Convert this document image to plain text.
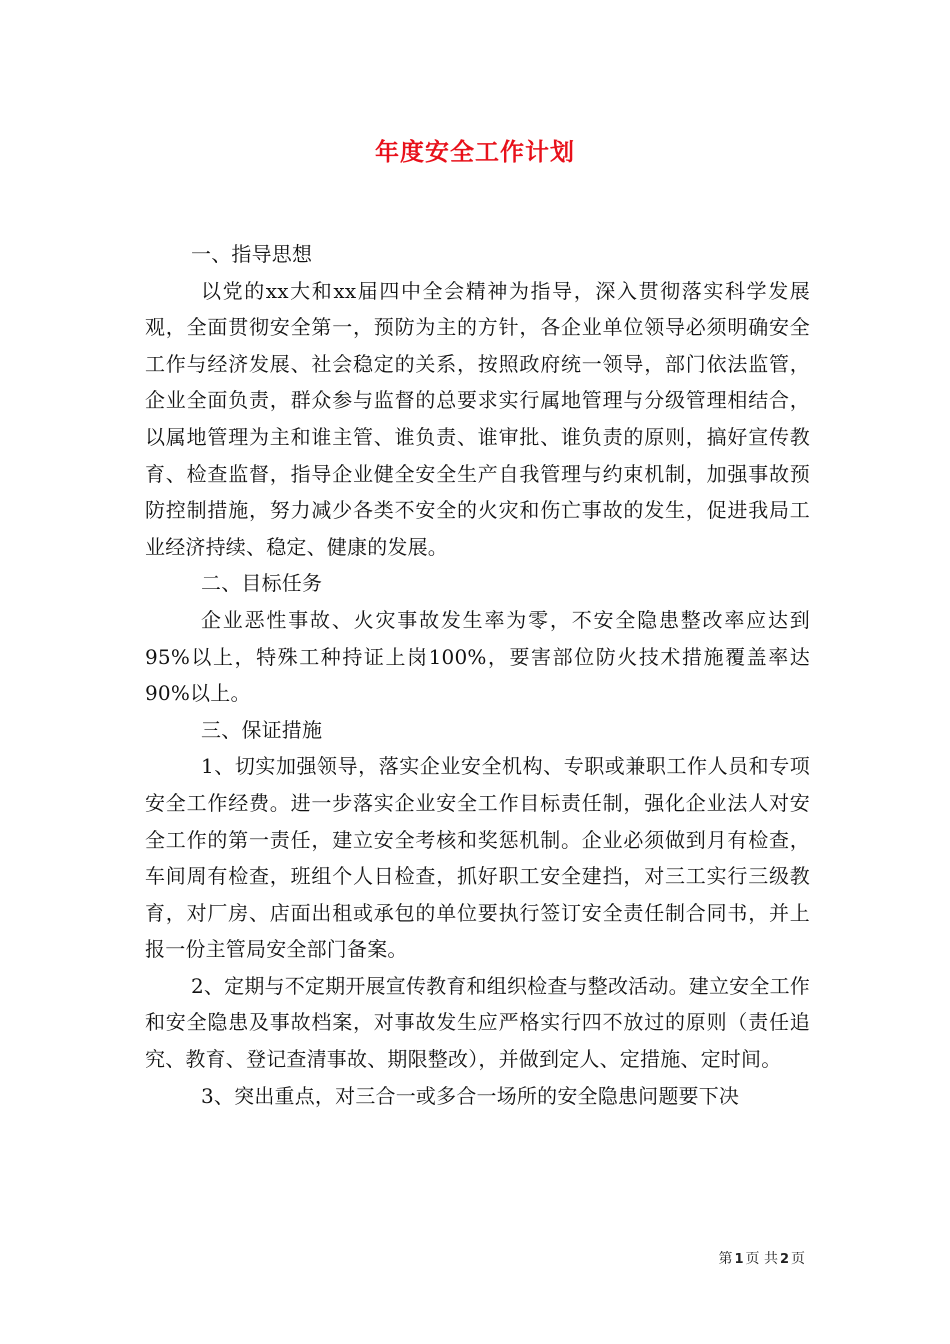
年度安全工作计划

一、指导思想

以党的xx大和xx届四中全会精神为指导，深入贯彻落实科学发展观，全面贯彻安全第一，预防为主的方针，各企业单位领导必须明确安全工作与经济发展、社会稳定的关系，按照政府统一领导，部门依法监管，企业全面负责，群众参与监督的总要求实行属地管理与分级管理相结合，以属地管理为主和谁主管、谁负责、谁审批、谁负责的原则，搞好宣传教育、检查监督，指导企业健全安全生产自我管理与约束机制，加强事故预防控制措施，努力减少各类不安全的火灾和伤亡事故的发生，促进我局工业经济持续、稳定、健康的发展。

二、目标任务

企业恶性事故、火灾事故发生率为零，不安全隐患整改率应达到95%以上，特殊工种持证上岗100%，要害部位防火技术措施覆盖率达90%以上。

三、保证措施

1、切实加强领导，落实企业安全机构、专职或兼职工作人员和专项安全工作经费。进一步落实企业安全工作目标责任制，强化企业法人对安全工作的第一责任，建立安全考核和奖惩机制。企业必须做到月有检查，车间周有检查，班组个人日检查，抓好职工安全建挡，对三工实行三级教育，对厂房、店面出租或承包的单位要执行签订安全责任制合同书，并上报一份主管局安全部门备案。

2、定期与不定期开展宣传教育和组织检查与整改活动。建立安全工作和安全隐患及事故档案，对事故发生应严格实行四不放过的原则（责任追究、教育、登记查清事故、期限整改），并做到定人、定措施、定时间。

3、突出重点，对三合一或多合一场所的安全隐患问题要下决

第 1 页 共 2 页
